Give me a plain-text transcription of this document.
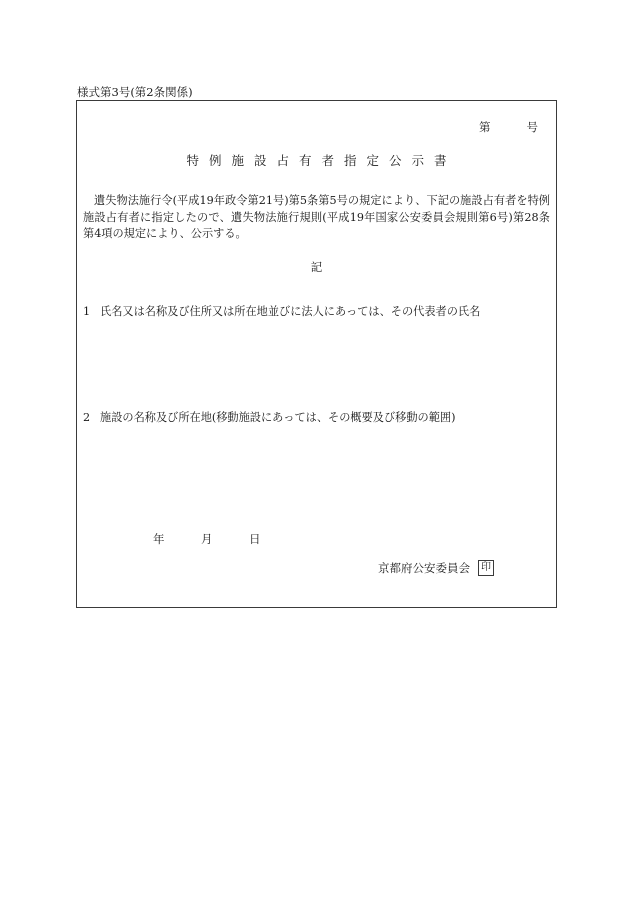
様式第3号(第2条関係)
第	号
特例施設占有者指定公示書
遺失物法施行令(平成19年政令第21号)第5条第5号の規定により、下記の施設占有者を特例施設占有者に指定したので、遺失物法施行規則(平成19年国家公安委員会規則第6号)第28条第4項の規定により、公示する。
記
1 氏名又は名称及び住所又は所在地並びに法人にあっては、その代表者の氏名
2 施設の名称及び所在地(移動施設にあっては、その概要及び移動の範囲)
年	月	日
京都府公安委員会	印
